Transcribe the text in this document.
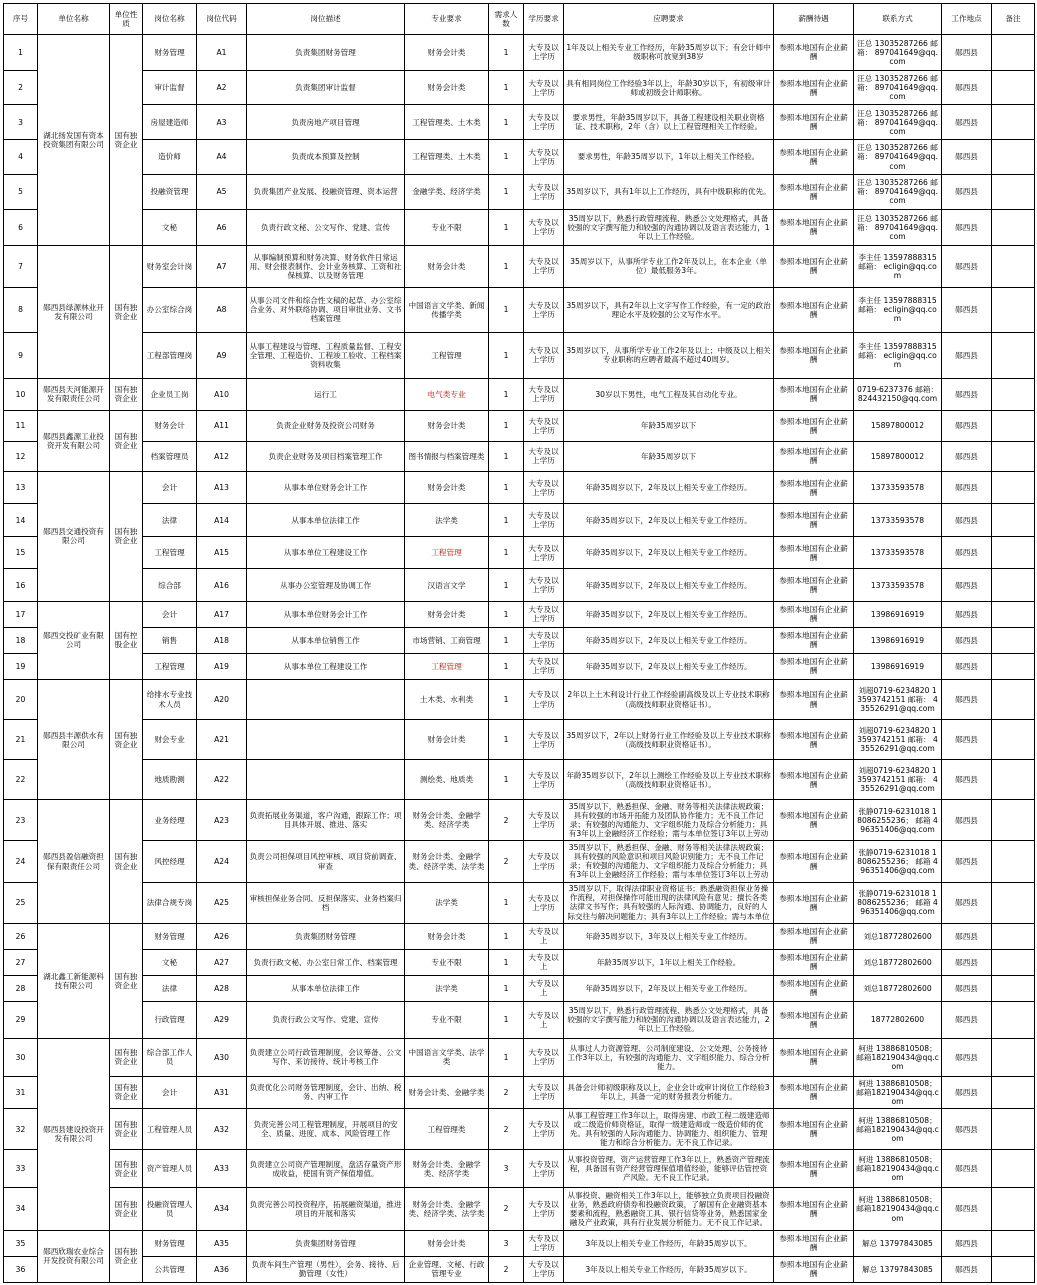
序号	单位名称	单位性质	岗位名称	岗位代码	岗位描述	专业要求	需求人数	学历要求	应聘要求	薪酬待遇	联系方式	工作地点	备注
1	湖北扬发国有资本投资集团有限公司	国有独资企业	财务管理	A1	负责集团财务管理	财务会计类	1	大专及以上学历	1年及以上相关专业工作经历，年龄35周岁以下；有会计师中级职称可放宽到38岁	参照本地国有企业薪酬	汪总 13035287266 邮箱： 897041649@qq.com	郧西县	
2			审计监督	A2	负责集团审计监督	财务会计类	1	大专及以上学历	具有相同岗位工作经验3年以上，年龄30岁以下，有初级审计师或初级会计师职称。	参照本地国有企业薪酬	汪总 13035287266 邮箱： 897041649@qq.com	郧西县	
3			房屋建造师	A3	负责房地产项目管理	工程管理类、土木类	1	大专及以上学历	要求男性，年龄35周岁以下，具备工程建设相关职业资格证、技术职称，2年（含）以上工程管理相关工作经验。	参照本地国有企业薪酬	汪总 13035287266 邮箱： 897041649@qq.com	郧西县	
4			造价师	A4	负责成本预算及控制	工程管理类、土木类	1	大专及以上学历	要求男性，年龄35周岁以下，1年以上相关工作经验。	参照本地国有企业薪酬	汪总 13035287266 邮箱： 897041649@qq.com	郧西县	
5			投融资管理	A5	负责集团产业发展、投融资管理、资本运营	金融学类、经济学类	1	大专及以上学历	35周岁以下，具有1年以上工作经历，具有中级职称的优先。	参照本地国有企业薪酬	汪总 13035287266 邮箱： 897041649@qq.com	郧西县	
6			文秘	A6	负责行政文秘、公文写作、党建、宣传	专业不限	1	大专及以上学历	35周岁以下，熟悉行政管理流程、熟悉公文处理格式，具备较强的文字撰写能力和较强的沟通协调以及语言表达能力，1年以上工作经验。	参照本地国有企业薪酬	汪总 13035287266 邮箱： 897041649@qq.com	郧西县	
7	郧西县绿源林业开发有限公司	国有独资企业	财务室会计岗	A7	从事编制预算和财务决算、财务软件日常运用、财会报表制作、会计业务核算、工资和社保核算、以及财务管理	财务会计类	1	大专及以上学历	35周岁以下，从事所学专业工作2年及以上，在本企业（单位）最低服务3年。	参照本地国有企业薪酬	李主任 13597888315 邮箱： ecligin@qq.com	郧西县	
8			办公室综合岗	A8	从事公司文件和综合性文稿的起草、办公室综合业务、对外联络协调、项目审批业务、文书档案管理	中国语言文学类、新闻传播学类	1	大专及以上学历	35周岁以下，具有2年以上文字写作工作经验，有一定的政治理论水平及较强的公文写作水平。	参照本地国有企业薪酬	李主任 13597888315 邮箱： ecligin@qq.com	郧西县	
9			工程部管理岗	A9	从事工程建设与管理、工程质量监督、工程安全管理、工程造价、工程竣工验收、工程档案资料收集	工程管理	1	大专及以上学历	35周岁以下，从事所学专业工作2年及以上；中级及以上相关专业职称的应聘者最高不超过40周岁。	参照本地国有企业薪酬	李主任 13597888315 邮箱： ecligin@qq.com	郧西县	
10	郧西县天河能源开发有限责任公司	国有独资企业	企业员工岗	A10	运行工	电气类专业	1	大专及以上学历	30岁以下男性，电气工程及其自动化专业。	参照本地国有企业薪酬	0719-6237376 邮箱： 824432150@qq.com	郧西县	
11	郧西县鑫源工业投资开发有限公司	国有独资企业	财务会计	A11	负责企业财务及投资公司财务	财务会计类	1	大专及以上学历	年龄35周岁以下	参照本地国有企业薪酬	15897800012	郧西县	
12			档案管理员	A12	负责企业财务及项目档案管理工作	图书情报与档案管理类	1	大专及以上学历	年龄35周岁以下	参照本地国有企业薪酬	15897800012	郧西县	
13	郧西县交通投资有限公司	国有独资企业	会计	A13	从事本单位财务会计工作	财务会计类	1	大专及以上学历	年龄35周岁以下，2年及以上相关专业工作经历。	参照本地国有企业薪酬	13733593578	郧西县	
14			法律	A14	从事本单位法律工作	法学类	1	大专及以上学历	年龄35周岁以下，2年及以上相关专业工作经历。	参照本地国有企业薪酬	13733593578	郧西县	
15			工程管理	A15	从事本单位工程建设工作	工程管理	1	大专及以上学历	年龄35周岁以下，2年及以上相关专业工作经历。	参照本地国有企业薪酬	13733593578	郧西县	
16			综合部	A16	从事办公室管理及协调工作	汉语言文学	1	大专及以上学历	年龄35周岁以下，2年及以上相关专业工作经历。	参照本地国有企业薪酬	13733593578	郧西县	
17	郧西交投矿业有限公司	国有控股企业	会计	A17	从事本单位财务会计工作	财务会计类	1	大专及以上学历	年龄35周岁以下，2年及以上相关专业工作经历。	参照本地国有企业薪酬	13986916919	郧西县	
18			销售	A18	从事本单位销售工作	市场营销、工商管理	1	大专及以上学历	年龄35周岁以下，2年及以上相关专业工作经历。	参照本地国有企业薪酬	13986916919	郧西县	
19			工程管理	A19	从事本单位工程建设工作	工程管理	1	大专及以上学历	年龄35周岁以下，2年及以上相关专业工作经历。	参照本地国有企业薪酬	13986916919	郧西县	
20	郧西县丰源供水有限公司	国有独资企业	给排水专业技术人员	A20		土木类、水利类	1	大专及以上学历	2年以上土木利设计行业工作经验副高级及以上专业技术职称（高级技师职业资格证书）。	参照本地国有企业薪酬	刘超0719-6234820 13593742151 邮箱： 435526291@qq.com	郧西县	
21			财会专业	A21		财务会计类	1	大专及以上学历	35周岁以下，2年以上财务行业工作经验及以上专业技术职称（高级技师职业资格证书）。	参照本地国有企业薪酬	刘超0719-6234820 13593742151 邮箱： 435526291@qq.com	郧西县	
22			地质勘测	A22		测绘类、地质类	1	大专及以上学历	年龄35周岁以下，2年以上测绘工作经验及以上专业技术职称（高级技师职业资格证书）。	参照本地国有企业薪酬	刘超0719-6234820 13593742151 邮箱： 435526291@qq.com	郧西县	
23	郧西县盈信融资担保有限责任公司	国有独资企业	业务经理	A23	负责拓展业务渠道，客户沟通，跟踪工作；项目具体开展、推进、落实	财务会计类、金融学类、经济学类	2	大专及以上学历	35周岁以下，熟悉担保、金融、财务等相关法律法规政策；具有较强的市场开拓能力及团队协作能力；无不良工作记录；有较强的沟通能力、文字组织能力及综合分析能力；具有3年以上金融经济工作经验；需与本单位签订3年以上劳动	参照本地国有企业薪酬	张静0719-6231018 18086255236； 邮箱 496351406@qq.com	郧西县	
24			风控经理	A24	负责公司担保项目风控审核、项目贷前调查、审查	财务会计类、金融学类、经济学类、法学类	2	大专及以上学历	35周岁以下，熟悉担保、金融、财务等相关法律法规政策；具有较强的风险意识和项目风险识别能力；无不良工作记录；有较强的沟通能力、文字组织能力及综合分析能力；具有3年以上金融经济工作经验；需与本单位签订3年以上劳动	参照本地国有企业薪酬	张静0719-6231018 18086255236； 邮箱 496351406@qq.com	郧西县	
25			法律合规专岗	A25	审核担保业务合同、反担保落实、业务档案归档	法学类	1	大专及以上学历	35周岁以下，取得法律职业资格证书；熟悉融资担保业务操作流程，对担保操作可能出现的法律风险有意见；擅长各类法律文书写作；具有较强的人际沟通、协调能力，良好的人际交往与解决问题能力；具有3年以上工作经验；需与本单位	参照本地国有企业薪酬	张静0719-6231018 18086255236； 邮箱 496351406@qq.com	郧西县	
26	湖北鑫工新能源科技有限公司	国有独资企业	财务管理	A26	负责集团财务管理	财务会计类	1	大专及以上	年龄35周岁以下，3年及以上相关专业工作经历。	参照本地国有企业薪酬	刘总18772802600	郧西县	
27			文秘	A27	负责行政文秘、办公室日常工作、档案管理	专业不限	1	大专及以上	年龄35周岁以下，1年以上相关工作经验。	参照本地国有企业薪酬	刘总18772802600	郧西县	
28			法律	A28	从事本单位法律工作	法学类	1	大专及以上	年龄35周岁以下，2年及以上相关专业工作经历。	参照本地国有企业薪酬	刘总18772802600	郧西县	
29			行政管理	A29	负责行政公文写作、党建、宣传	专业不限	1	大专及以上	35周岁以下，熟悉行政管理流程、熟悉公文处理格式，具备较强的文字撰写能力和较强的沟通协调以及语言表达能力，2年以上工作经验。	参照本地国有企业薪酬	18772802600	郧西县	
30	郧西县建设投资开发有限公司	国有独资企业	综合部工作人员	A30	负责建立公司行政管理制度，会议筹备、公文写作、来访接待、统计考核工作	中国语言文学类、法学类	1	大专及以上学历	从事过人力资源管理、公司制度建设、公文处理、公务接待工作3年以上，有较强的沟通能力、文字组织能力、综合分析能力。	参照本地国有企业薪酬	柯进 13886810508； 邮箱182190434@qq.com	郧西县	
31		国有独资企业	会计	A31	负责优化公司财务管理制度，会计、出纳、税务、内审工作	财务会计类、金融学类	2	大专及以上学历	具备会计师初级职称及以上，企业会计或审计岗位工作经验3年以上，具备一定的财务报表分析能力。	参照本地国有企业薪酬	柯进 13886810508； 邮箱182190434@qq.com	郧西县	
32		国有独资企业	工程管理人员	A32	负责完善公司工程管理制度，开展项目的安全、质量、进度、成本、风险管理工作	工程管理类	2	大专及以上学历	从事工程管理工作3年以上，取得房建、市政工程二级建造师或二级造价师资格证，取得一级建造师或一级造价师的优先。具有较强的人际沟通能力、协调能力、组织能力、管理能力和综合分析能力。无不良工作记录。	参照本地国有企业薪酬	柯进 13886810508； 邮箱182190434@qq.com	郧西县	
33		国有独资企业	资产管理人员	A33	负责建立公司资产管理制度，盘活存量资产形成收益，使国有资产保值增值。	财务会计类、金融学类、经济学类	3	大专及以上学历	从事投资管理、资产运营管理工作3年以上，熟悉资产管理流程，具备国有资产经营管理保值增值经验，能够评估管控资产风险。无不良工作记录。	参照本地国有企业薪酬	柯进 13886810508； 邮箱182190434@qq.com	郧西县	
34		国有独资企业	投融资管理人员	A34	负责完善公司投资程序，拓展融资渠道，推进项目的开展和落实	财务会计类、金融学类、经济学类、法学类	2	大专及以上学历	从事投资、融资相关工作3年以上，能够独立负责项目投融资业务，熟悉政府债券和投融资政策，了解国有企业融资基本要素和流程，熟悉融资工具、银行信贷等业务，熟悉国家金融及产业政策，具有行业发展分析能力。无不良工作记录。	参照本地国有企业薪酬	柯进 13886810508； 邮箱182190434@qq.com	郧西县	
35	郧西欣瑞农业综合开发投资有限公司	国有独资企业	财务管理	A35	负责集团财务管理	财务会计类	3	大专及以上学历	3年及以上相关专业工作经历，年龄35周岁以下。	参照本地国有企业薪酬	解总 13797843085	郧西县	
36			公共管理	A36	负责车间生产管理（男性），会务、接待、后勤管理（女性）	企业管理、文秘、行政管理专业	2	大专及以上学历	3年及以上相关专业工作经历，年龄35周岁以下。	参照本地国有企业薪酬	解总 13797843085	郧西县	
